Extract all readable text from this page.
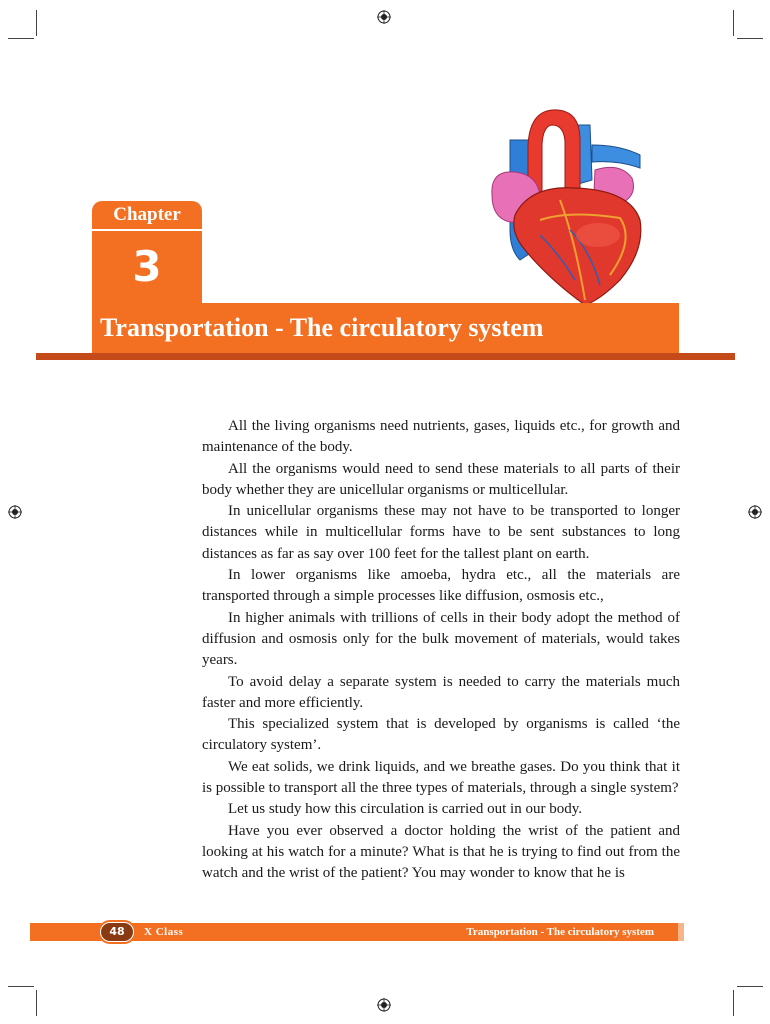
Chapter
3
Transportation - The circulatory system

All the living organisms need nutrients, gases, liquids etc., for growth and maintenance of the body.

All the organisms would need to send these materials to all parts of their body whether they are unicellular organisms or multicellular.

In unicellular organisms these may not have to be transported to longer distances while in multicellular forms have to be sent substances to long distances as far as say over 100 feet for the tallest plant on earth.

In lower organisms like amoeba, hydra etc., all the materials are transported through a simple processes like diffusion, osmosis etc.,

In higher animals with trillions of cells in their body adopt the method of diffusion and osmosis only for the bulk movement of materials, would takes years.

To avoid delay a separate system is needed to carry the materials much faster and more efficiently.

This specialized system that is developed by organisms is called ‘the circulatory system’.

We eat solids, we drink liquids, and we breathe gases. Do you think that it is possible to transport all the three types of materials, through a single system?

Let us study how this circulation is carried out in our body.

Have you ever observed a doctor holding the wrist of the patient and looking at his watch for a minute? What is that he is trying to find out from the watch and the wrist of the patient? You may wonder to know that he is

48	X Class	Transportation - The circulatory system
